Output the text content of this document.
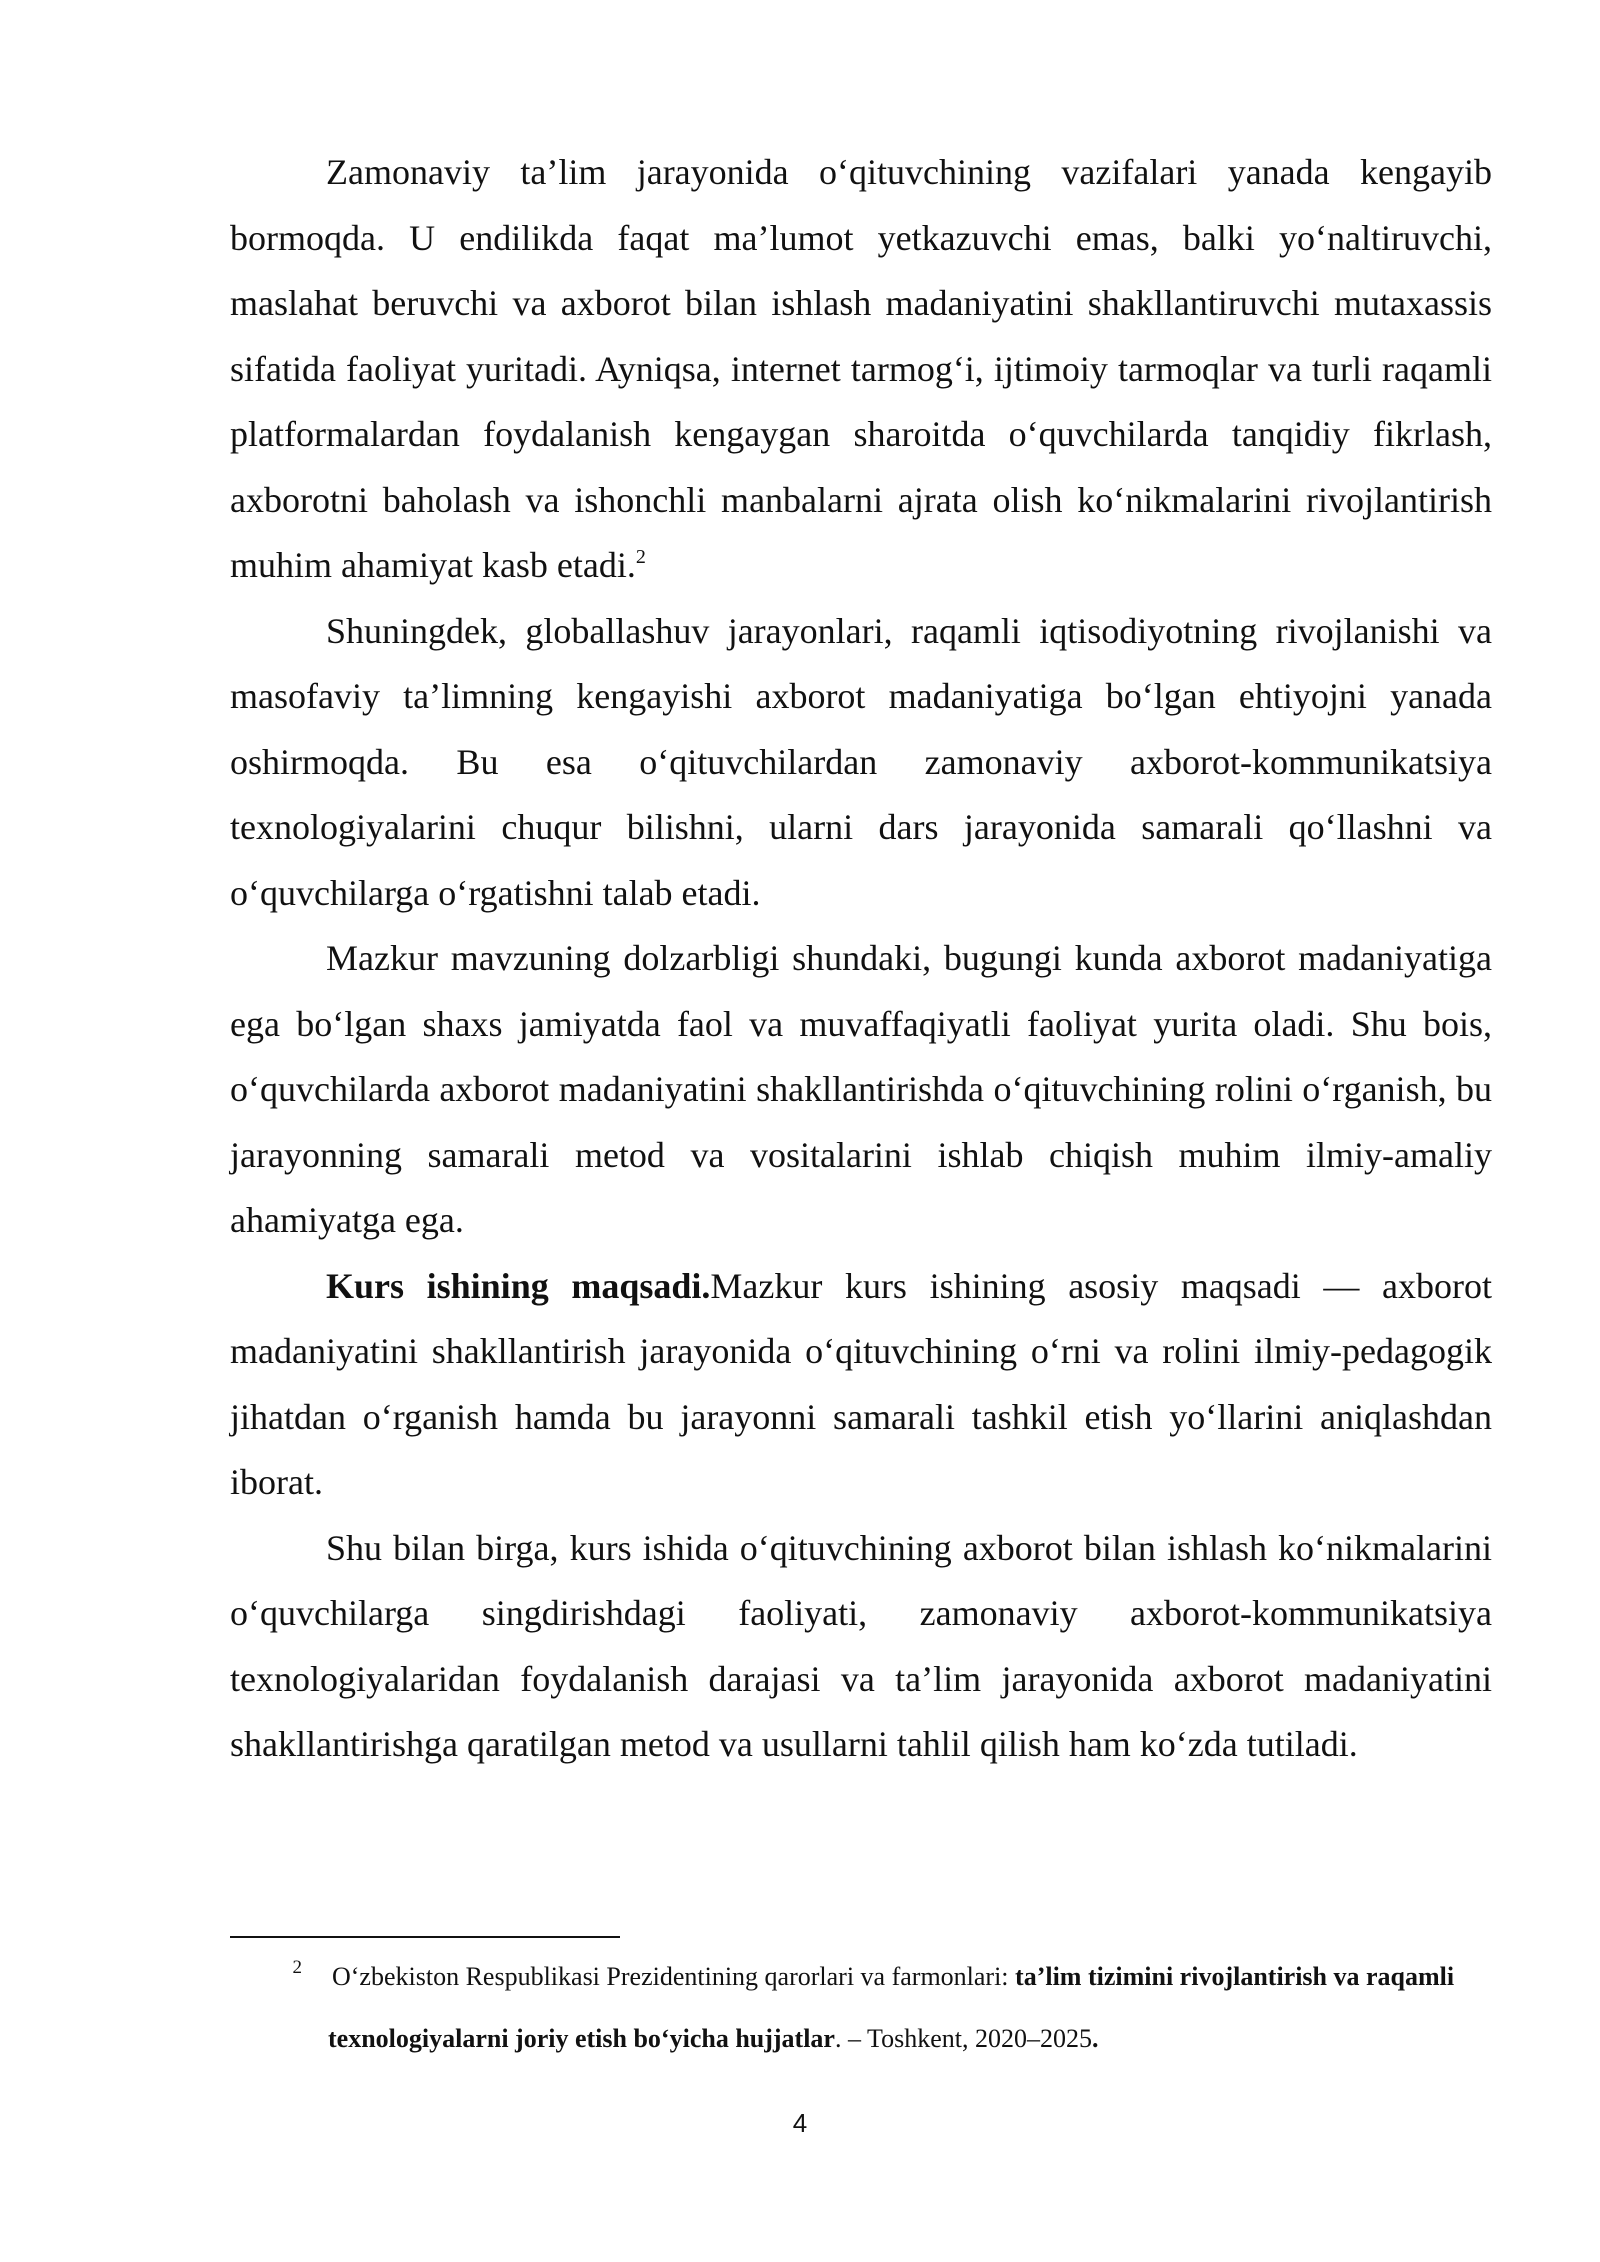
Zamonaviy ta’lim jarayonida o‘qituvchining vazifalari yanada kengayib bormoqda. U endilikda faqat ma’lumot yetkazuvchi emas, balki yo‘naltiruvchi, maslahat beruvchi va axborot bilan ishlash madaniyatini shakllantiruvchi mutaxassis sifatida faoliyat yuritadi. Ayniqsa, internet tarmog‘i, ijtimoiy tarmoqlar va turli raqamli platformalardan foydalanish kengaygan sharoitda o‘quvchilarda tanqidiy fikrlash, axborotni baholash va ishonchli manbalarni ajrata olish ko‘nikmalarini rivojlantirish muhim ahamiyat kasb etadi.$^2$

Shuningdek, globallashuv jarayonlari, raqamli iqtisodiyotning rivojlanishi va masofaviy ta’limning kengayishi axborot madaniyatiga bo‘lgan ehtiyojni yanada oshirmoqda. Bu esa o‘qituvchilardan zamonaviy axborot-kommunikatsiya texnologiyalarini chuqur bilishni, ularni dars jarayonida samarali qo‘llashni va o‘quvchilarga o‘rgatishni talab etadi.

Mazkur mavzuning dolzarbligi shundaki, bugungi kunda axborot madaniyatiga ega bo‘lgan shaxs jamiyatda faol va muvaffaqiyatli faoliyat yurita oladi. Shu bois, o‘quvchilarda axborot madaniyatini shakllantirishda o‘qituvchining rolini o‘rganish, bu jarayonning samarali metod va vositalarini ishlab chiqish muhim ilmiy-amaliy ahamiyatga ega.

Kurs ishining maqsadi.Mazkur kurs ishining asosiy maqsadi — axborot madaniyatini shakllantirish jarayonida o‘qituvchining o‘rni va rolini ilmiy-pedagogik jihatdan o‘rganish hamda bu jarayonni samarali tashkil etish yo‘llarini aniqlashdan iborat.

Shu bilan birga, kurs ishida o‘qituvchining axborot bilan ishlash ko‘nikmalarini o‘quvchilarga singdirishdagi faoliyati, zamonaviy axborot-kommunikatsiya texnologiyalaridan foydalanish darajasi va ta’lim jarayonida axborot madaniyatini shakllantirishga qaratilgan metod va usullarni tahlil qilish ham ko‘zda tutiladi.

2 O‘zbekiston Respublikasi Prezidentining qarorlari va farmonlari: ta’lim tizimini rivojlantirish va raqamli
texnologiyalarni joriy etish bo‘yicha hujjatlar. – Toshkent, 2020–2025.
4
